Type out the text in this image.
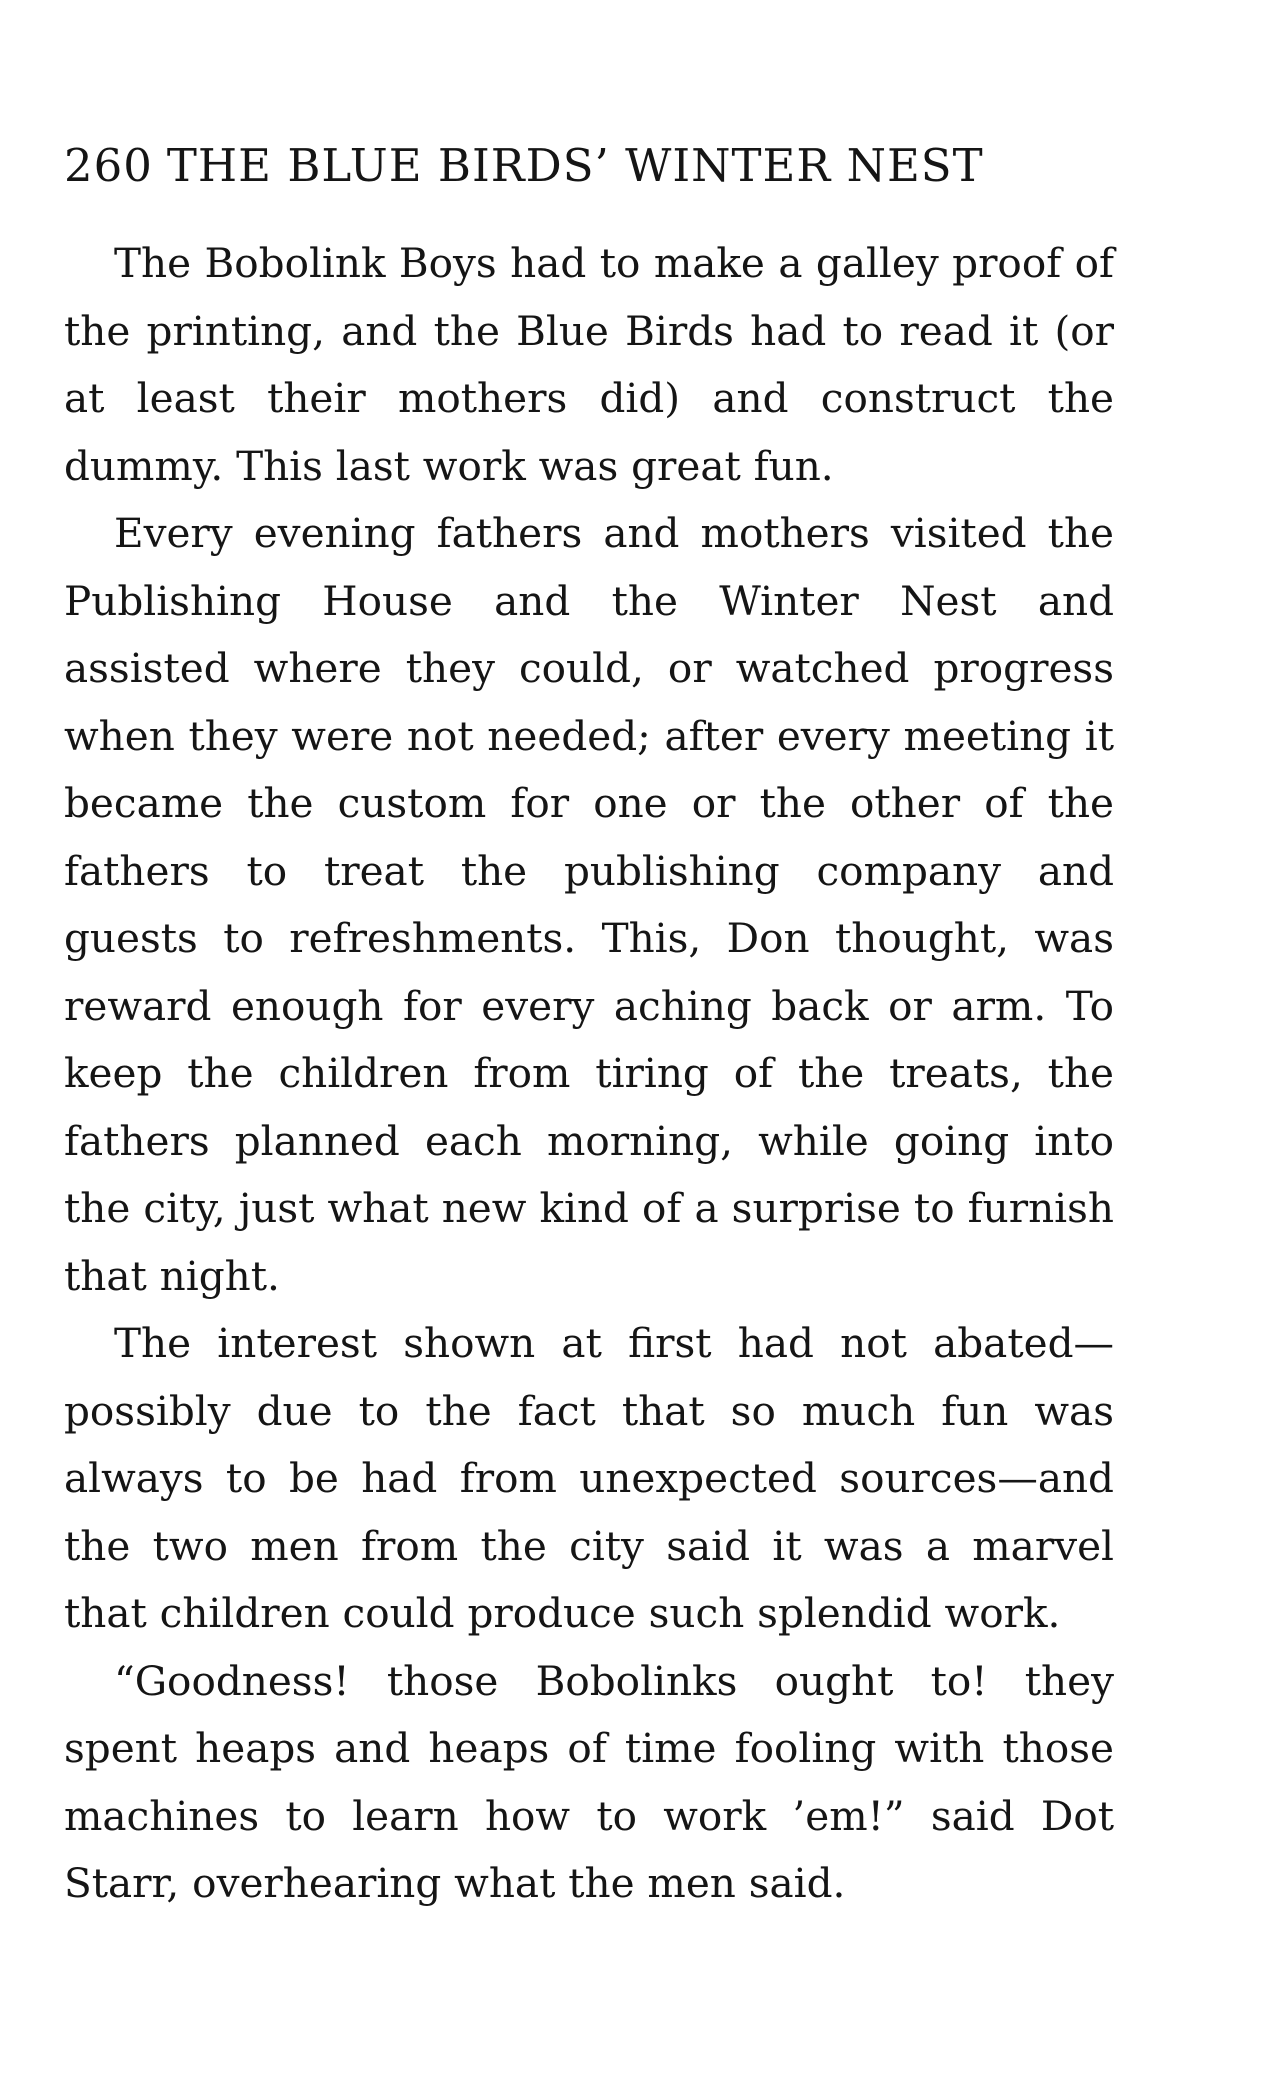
260 THE BLUE BIRDS’ WINTER NEST

The Bobolink Boys had to make a galley proof of the printing, and the Blue Birds had to read it (or at least their mothers did) and construct the dummy. This last work was great fun.

Every evening fathers and mothers visited the Publishing House and the Winter Nest and assisted where they could, or watched progress when they were not needed; after every meeting it became the custom for one or the other of the fathers to treat the publishing company and guests to refreshments. This, Don thought, was reward enough for every aching back or arm. To keep the children from tiring of the treats, the fathers planned each morning, while going into the city, just what new kind of a surprise to furnish that night.

The interest shown at first had not abated—possibly due to the fact that so much fun was always to be had from unexpected sources—and the two men from the city said it was a marvel that children could produce such splendid work.

“Goodness! those Bobolinks ought to! they spent heaps and heaps of time fooling with those machines to learn how to work ’em!” said Dot Starr, overhearing what the men said.
